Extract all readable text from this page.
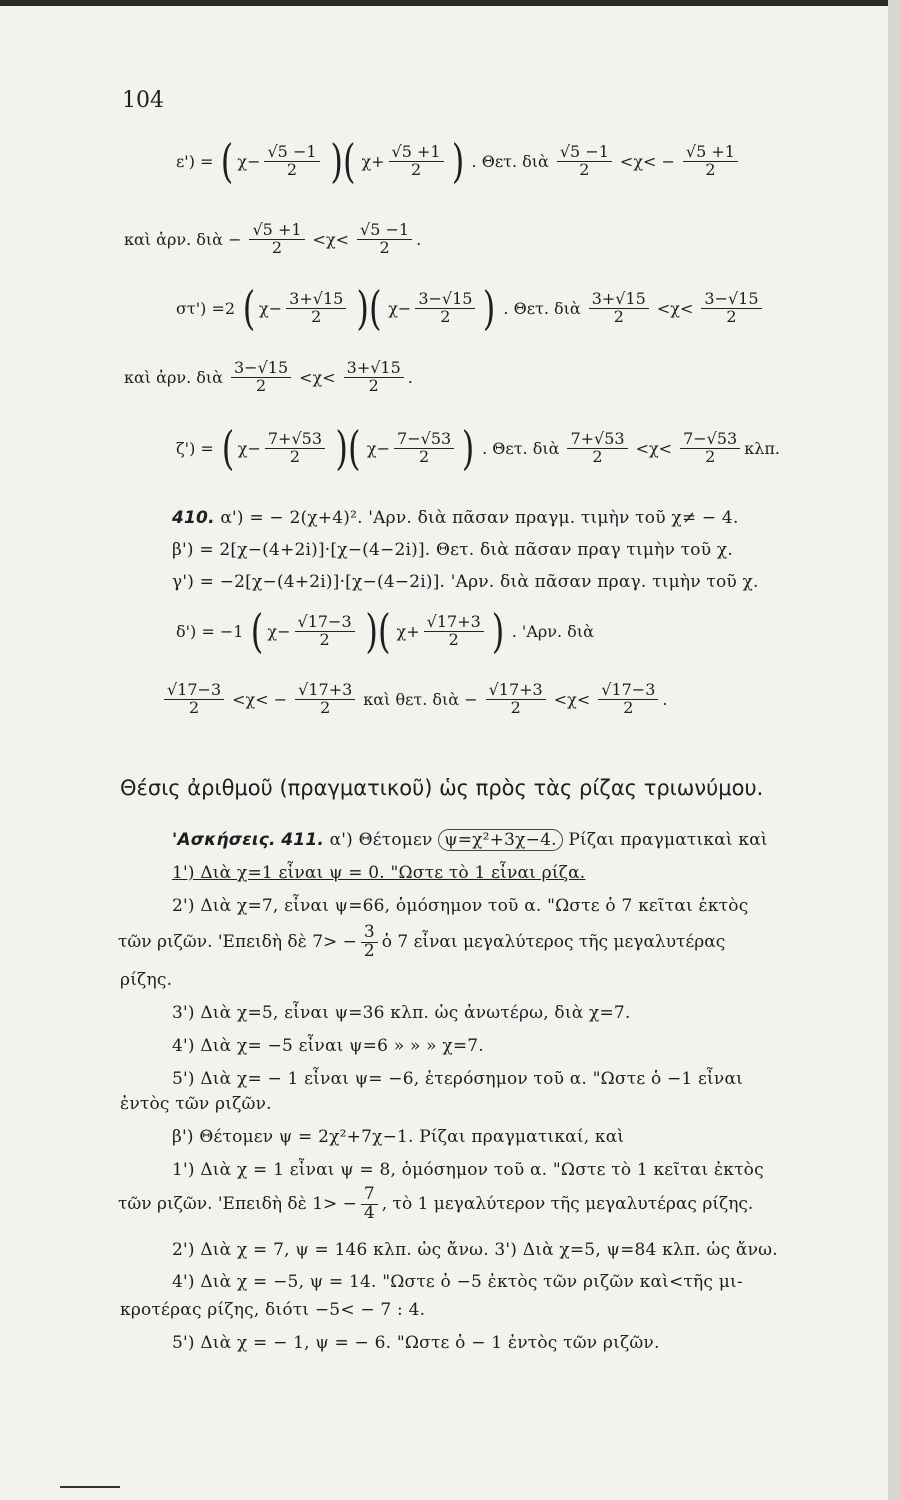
104
ε') = ( $\chi- \frac{√5 -1}{2}$ )( $\chi+ \frac{√5 +1}{2}$ ) . Θετ. διὰ $\frac{√5 -1}{2} <\chi< - \frac{√5 +1}{2}$
καὶ ἀρν. διὰ − $\frac{√5 +1}{2} <\chi< \frac{√5 -1}{2}$ .
στ') =2 ( $\chi- \frac{3+√15}{2}$ )( $\chi- \frac{3-√15}{2}$ ) . Θετ. διὰ $\frac{3+√15}{2} <\chi< \frac{3-√15}{2}$
καὶ ἀρν. διὰ $\frac{3-√15}{2} <\chi< \frac{3+√15}{2}$ .
ζ') = ( $\chi- \frac{7+√53}{2}$ )( $\chi- \frac{7-√53}{2}$ ) . Θετ. διὰ $\frac{7+√53}{2} <\chi< \frac{7-√53}{2} \kappa\lambda\pi$.
410. α') = − 2(χ+4)². 'Αρν. διὰ πᾶσαν πραγμ. τιμὴν τοῦ χ≠ − 4.
β') = 2[χ−(4+2i)]·[χ−(4−2i)]. Θετ. διὰ πᾶσαν πραγ τιμὴν τοῦ χ.
γ') = −2[χ−(4+2i)]·[χ−(4−2i)]. 'Αρν. διὰ πᾶσαν πραγ. τιμὴν τοῦ χ.
δ') = −1 ( $\chi- \frac{√17-3}{2}$ )( $\chi+ \frac{√17+3}{2}$ ) . 'Αρν. διὰ
$\frac{√17-3}{2} <\chi< - \frac{√17+3}{2}$ καὶ θετ. διὰ − $\frac{√17+3}{2} <\chi< \frac{√17-3}{2}$ .
Θέσις ἀριθμοῦ (πραγματικοῦ) ὡς πρὸς τὰς ρίζας τριωνύμου.
'Ασκήσεις. 411. α') Θέτομεν ψ=χ²+3χ−4. Ρίζαι πραγματικαὶ καὶ
1') Διὰ χ=1 εἶναι ψ = 0. "Ωστε τὸ 1 εἶναι ρίζα.
2') Διὰ χ=7, εἶναι ψ=66, ὁμόσημον τοῦ α. "Ωστε ὁ 7 κεῖται ἐκτὸς
τῶν ριζῶν. 'Επειδὴ δὲ $7> - \frac{3}{2}$ ὁ 7 εἶναι μεγαλύτερος τῆς μεγαλυτέρας
ρίζης.
3') Διὰ χ=5, εἶναι ψ=36 κλπ. ὡς ἀνωτέρω, διὰ χ=7.
4') Διὰ χ= −5 εἶναι ψ=6 » » » χ=7.
5') Διὰ χ= − 1 εἶναι ψ= −6, ἑτερόσημον τοῦ α. "Ωστε ὁ −1 εἶναι
ἐντὸς τῶν ριζῶν.
β') Θέτομεν ψ = 2χ²+7χ−1. Ρίζαι πραγματικαί, καὶ
1') Διὰ χ = 1 εἶναι ψ = 8, ὁμόσημον τοῦ α. "Ωστε τὸ 1 κεῖται ἐκτὸς
τῶν ριζῶν. 'Επειδὴ δὲ $1> - \frac{7}{4}$ , τὸ 1 μεγαλύτερον τῆς μεγαλυτέρας ρίζης.
2') Διὰ χ = 7, ψ = 146 κλπ. ὡς ἄνω. 3') Διὰ χ=5, ψ=84 κλπ. ὡς ἄνω.
4') Διὰ χ = −5, ψ = 14. "Ωστε ὁ −5 ἐκτὸς τῶν ριζῶν καὶ<τῆς μι-
κροτέρας ρίζης, διότι −5< − 7 : 4.
5') Διὰ χ = − 1, ψ = − 6. "Ωστε ὁ − 1 ἐντὸς τῶν ριζῶν.
